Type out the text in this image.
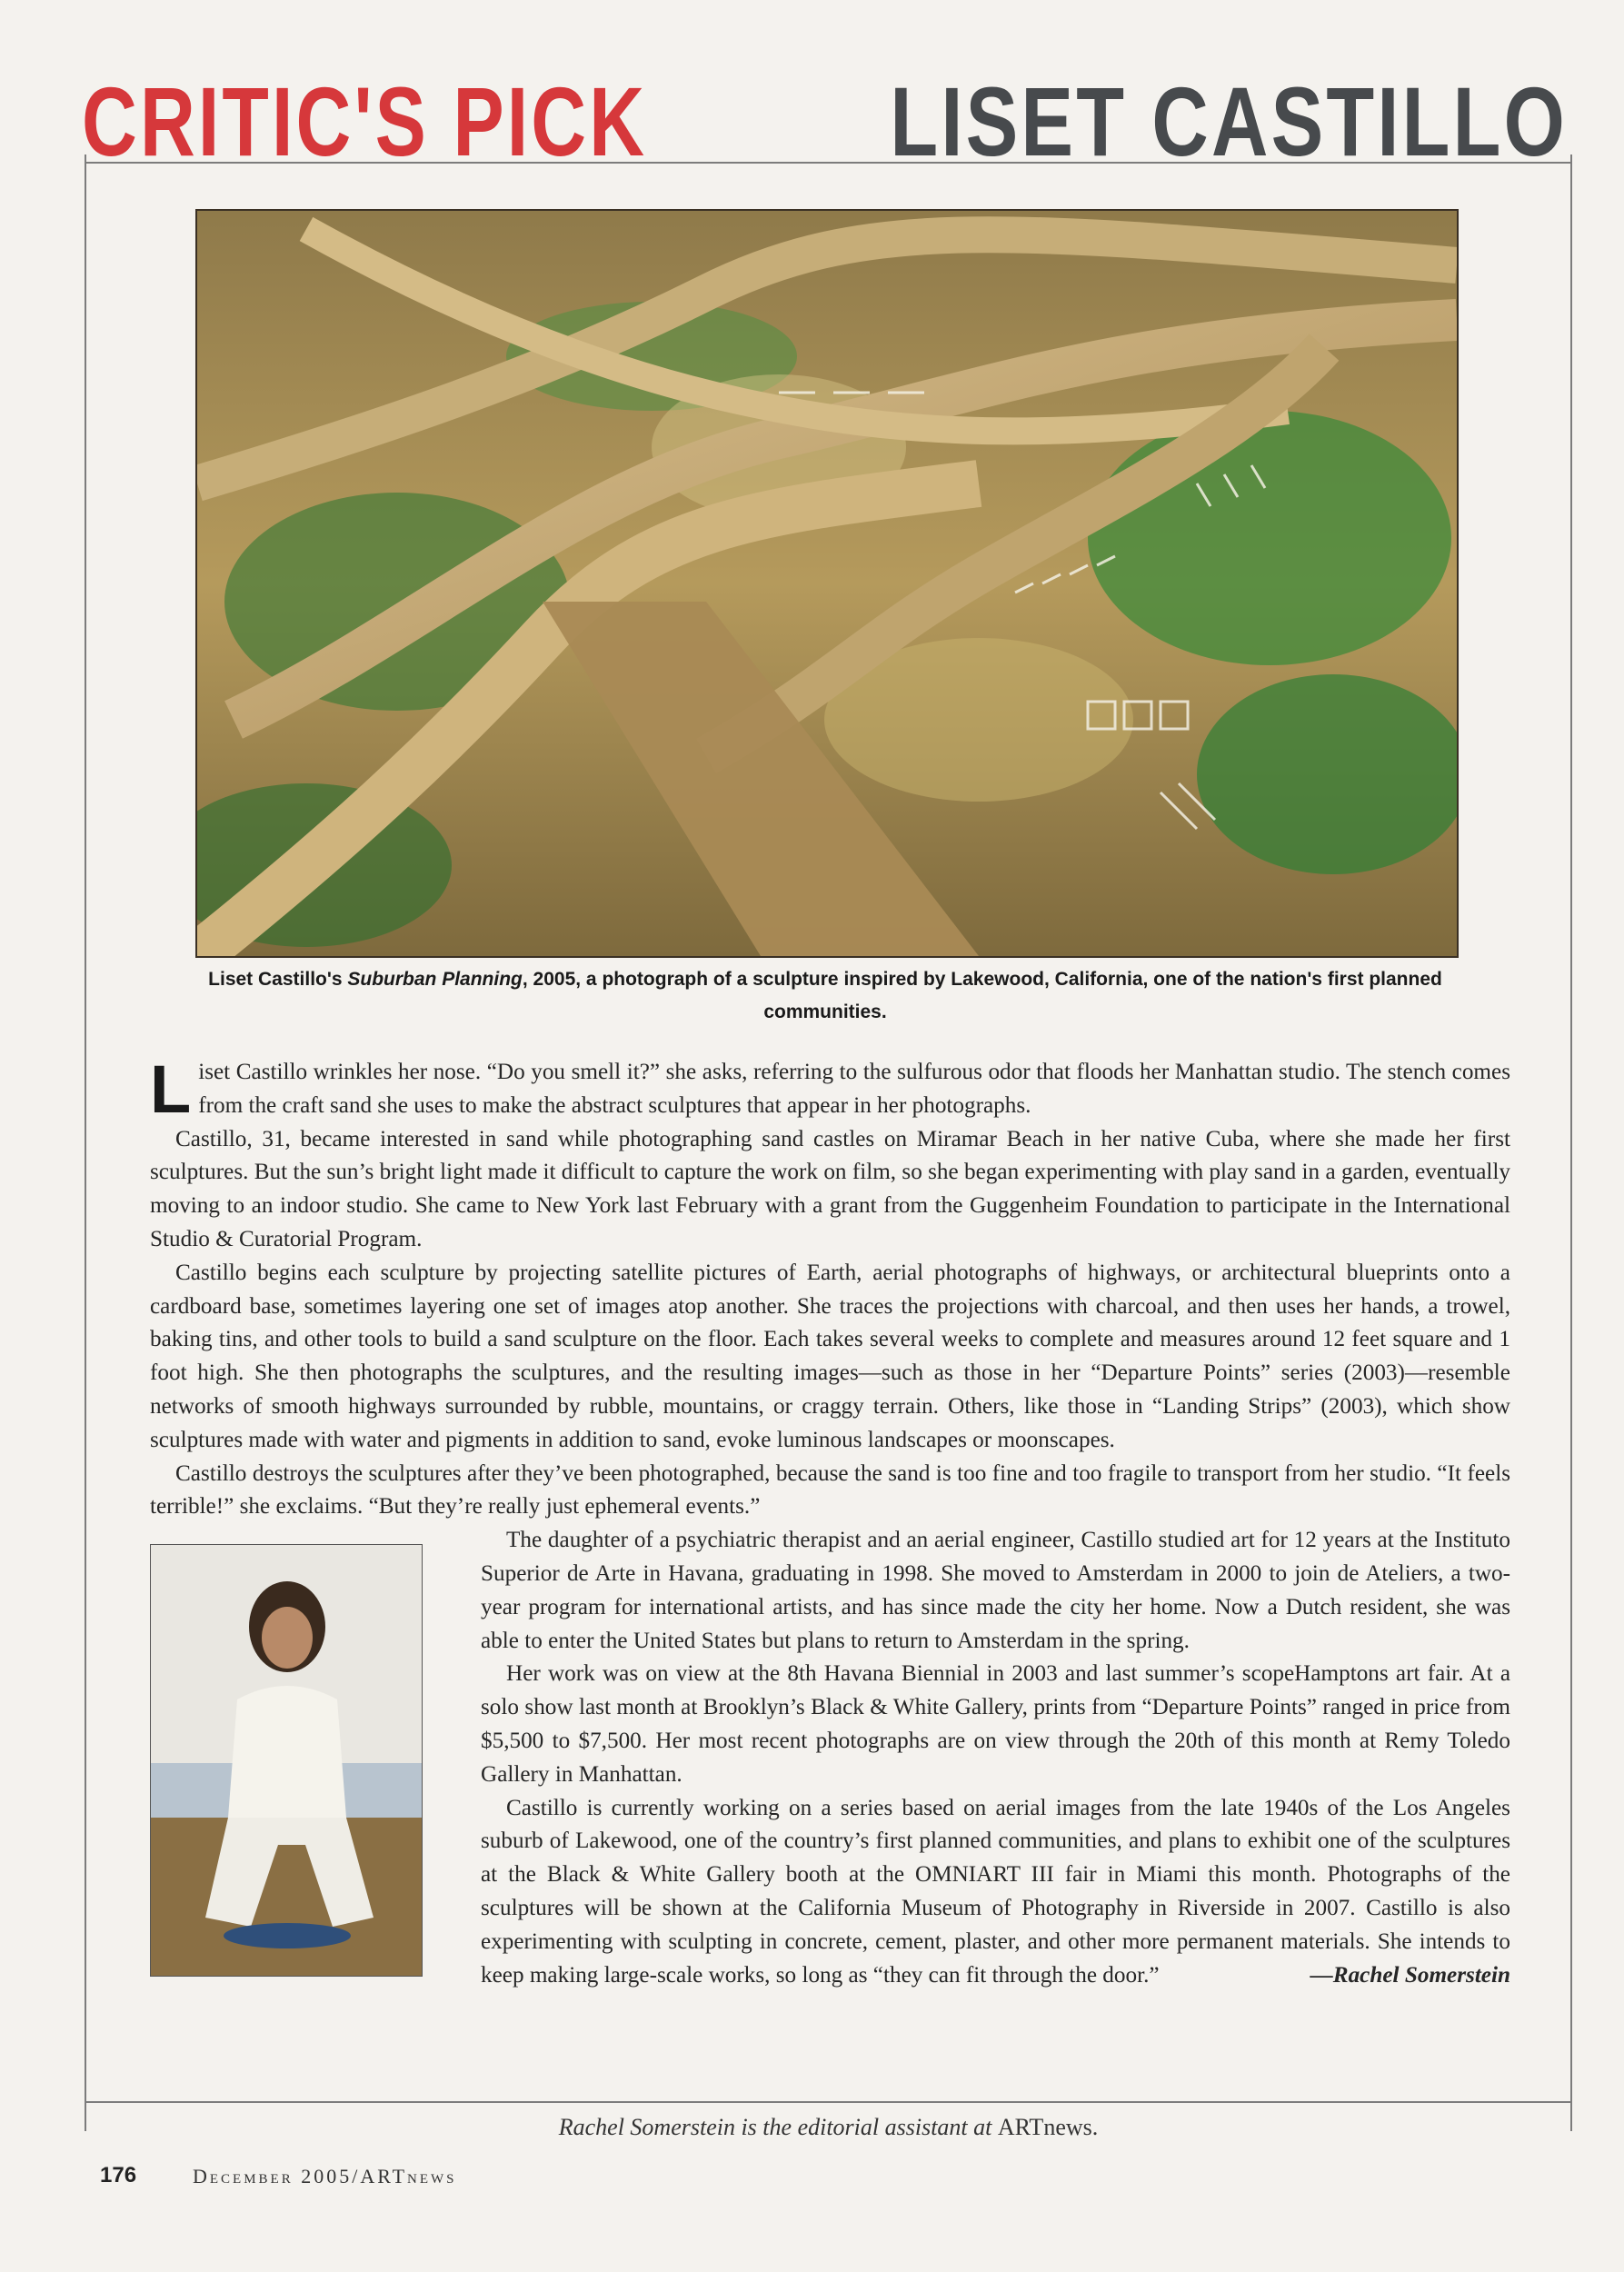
CRITIC'S PICK LISET CASTILLO
Liset Castillo's Suburban Planning, 2005, a photograph of a sculpture inspired by Lakewood, California, one of the nation's first planned communities.

Liset Castillo wrinkles her nose. “Do you smell it?” she asks, referring to the sulfurous odor that floods her Manhattan studio. The stench comes from the craft sand she uses to make the abstract sculptures that appear in her photographs.

Castillo, 31, became interested in sand while photographing sand castles on Miramar Beach in her native Cuba, where she made her first sculptures. But the sun’s bright light made it difficult to capture the work on film, so she began experimenting with play sand in a garden, eventually moving to an indoor studio. She came to New York last February with a grant from the Guggenheim Foundation to participate in the International Studio & Curatorial Program.

Castillo begins each sculpture by projecting satellite pictures of Earth, aerial photographs of highways, or architectural blueprints onto a cardboard base, sometimes layering one set of images atop another. She traces the projections with charcoal, and then uses her hands, a trowel, baking tins, and other tools to build a sand sculpture on the floor. Each takes several weeks to complete and measures around 12 feet square and 1 foot high. She then photographs the sculptures, and the resulting images—such as those in her “Departure Points” series (2003)—resemble networks of smooth highways surrounded by rubble, mountains, or craggy terrain. Others, like those in “Landing Strips” (2003), which show sculptures made with water and pigments in addition to sand, evoke luminous landscapes or moonscapes.

Castillo destroys the sculptures after they’ve been photographed, because the sand is too fine and too fragile to transport from her studio. “It feels terrible!” she exclaims. “But they’re really just ephemeral events.”

The daughter of a psychiatric therapist and an aerial engineer, Castillo studied art for 12 years at the Instituto Superior de Arte in Havana, graduating in 1998. She moved to Amsterdam in 2000 to join de Ateliers, a two-year program for international artists, and has since made the city her home. Now a Dutch resident, she was able to enter the United States but plans to return to Amsterdam in the spring.

Her work was on view at the 8th Havana Biennial in 2003 and last summer’s scopeHamptons art fair. At a solo show last month at Brooklyn’s Black & White Gallery, prints from “Departure Points” ranged in price from $5,500 to $7,500. Her most recent photographs are on view through the 20th of this month at Remy Toledo Gallery in Manhattan.

Castillo is currently working on a series based on aerial images from the late 1940s of the Los Angeles suburb of Lakewood, one of the country’s first planned communities, and plans to exhibit one of the sculptures at the Black & White Gallery booth at the OMNIART III fair in Miami this month. Photographs of the sculptures will be shown at the California Museum of Photography in Riverside in 2007. Castillo is also experimenting with sculpting in concrete, cement, plaster, and other more permanent materials. She intends to keep making large-scale works, so long as “they can fit through the door.”	—Rachel Somerstein

Rachel Somerstein is the editorial assistant at ARTnews.
176	December 2005/ARTnews
